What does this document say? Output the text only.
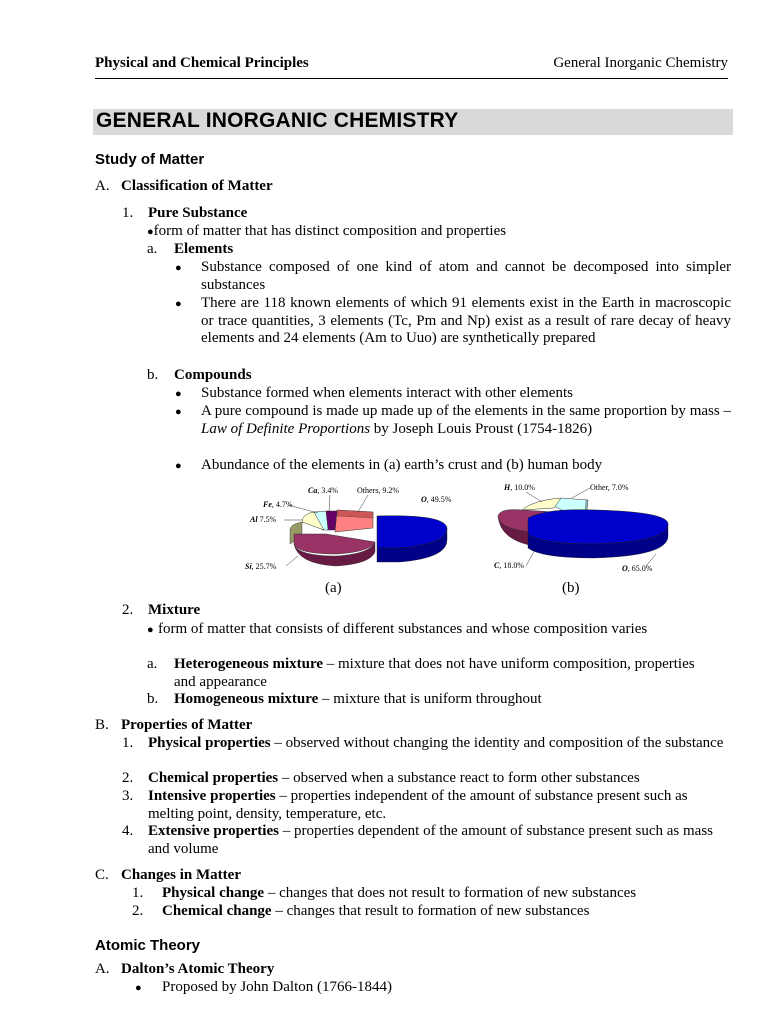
Physical and Chemical Principles	General Inorganic Chemistry
GENERAL INORGANIC CHEMISTRY
Study of Matter
A. Classification of Matter
1. Pure Substance
●form of matter that has distinct composition and properties
a. Elements
● Substance composed of one kind of atom and cannot be decomposed into simpler substances
● There are 118 known elements of which 91 elements exist in the Earth in macroscopic or trace quantities, 3 elements (Tc, Pm and Np) exist as a result of rare decay of heavy elements and 24 elements (Am to Uuo) are synthetically prepared
b. Compounds
● Substance formed when elements interact with other elements
● A pure compound is made up made up of the elements in the same proportion by mass – Law of Definite Proportions by Joseph Louis Proust (1754-1826)
● Abundance of the elements in (a) earth’s crust and (b) human body
Ca, 3.4% Others, 9.2%
O, 49.5%
Fe, 4.7%
Al 7.5%
Si, 25.7%
(a)
H, 10.0%	Other, 7.0%
C, 18.0%	O, 65.0%
(b)
2. Mixture
● form of matter that consists of different substances and whose composition varies
a. Heterogeneous mixture – mixture that does not have uniform composition, properties and appearance
b. Homogeneous mixture – mixture that is uniform throughout
B. Properties of Matter
1. Physical properties – observed without changing the identity and composition of the substance
2. Chemical properties – observed when a substance react to form other substances
3. Intensive properties – properties independent of the amount of substance present such as melting point, density, temperature, etc.
4. Extensive properties – properties dependent of the amount of substance present such as mass and volume
C. Changes in Matter
1. Physical change – changes that does not result to formation of new substances
2. Chemical change – changes that result to formation of new substances
Atomic Theory
A. Dalton’s Atomic Theory
● Proposed by John Dalton (1766-1844)
